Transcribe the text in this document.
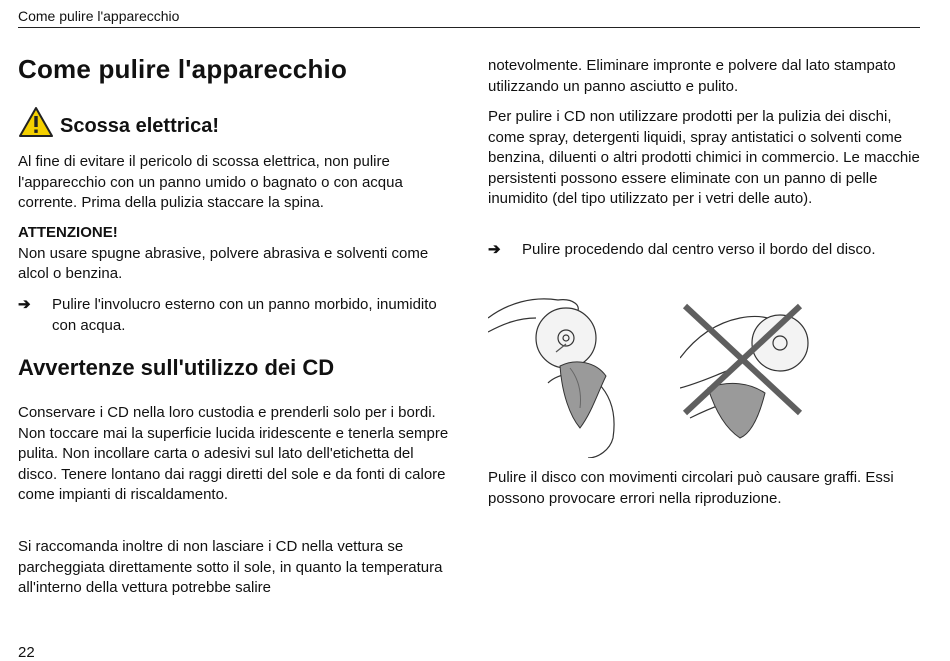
Come pulire l'apparecchio
Come pulire l'apparecchio
Scossa elettrica!

Al fine di evitare il pericolo di scossa elettrica, non pulire l'apparecchio con un panno umido o bagnato o con acqua corrente. Prima della pulizia staccare la spina.

ATTENZIONE!
Non usare spugne abrasive, polvere abrasiva e solventi come alcol o benzina.
➔	Pulire l'involucro esterno con un panno morbido, inumidito con acqua.
Avvertenze sull'utilizzo dei CD

Conservare i CD nella loro custodia e prenderli solo per i bordi. Non toccare mai la superficie lucida iridescente e tenerla sempre pulita. Non incollare carta o adesivi sul lato dell'etichetta del disco. Tenere lontano dai raggi diretti del sole e da fonti di calore come impianti di riscaldamento.

Si raccomanda inoltre di non lasciare i CD nella vettura se parcheggiata direttamente sotto il sole, in quanto la temperatura all'interno della vettura potrebbe salire

notevolmente. Eliminare impronte e polvere dal lato stampato utilizzando un panno asciutto e pulito.

Per pulire i CD non utilizzare prodotti per la pulizia dei dischi, come spray, detergenti liquidi, spray antistatici o solventi come benzina, diluenti o altri prodotti chimici in commercio. Le macchie persistenti possono essere eliminate con un panno di pelle inumidito (del tipo utilizzato per i vetri delle auto).

➔	Pulire procedendo dal centro verso il bordo del disco.

Pulire il disco con movimenti circolari può causare graffi. Essi possono provocare errori nella riproduzione.

22
